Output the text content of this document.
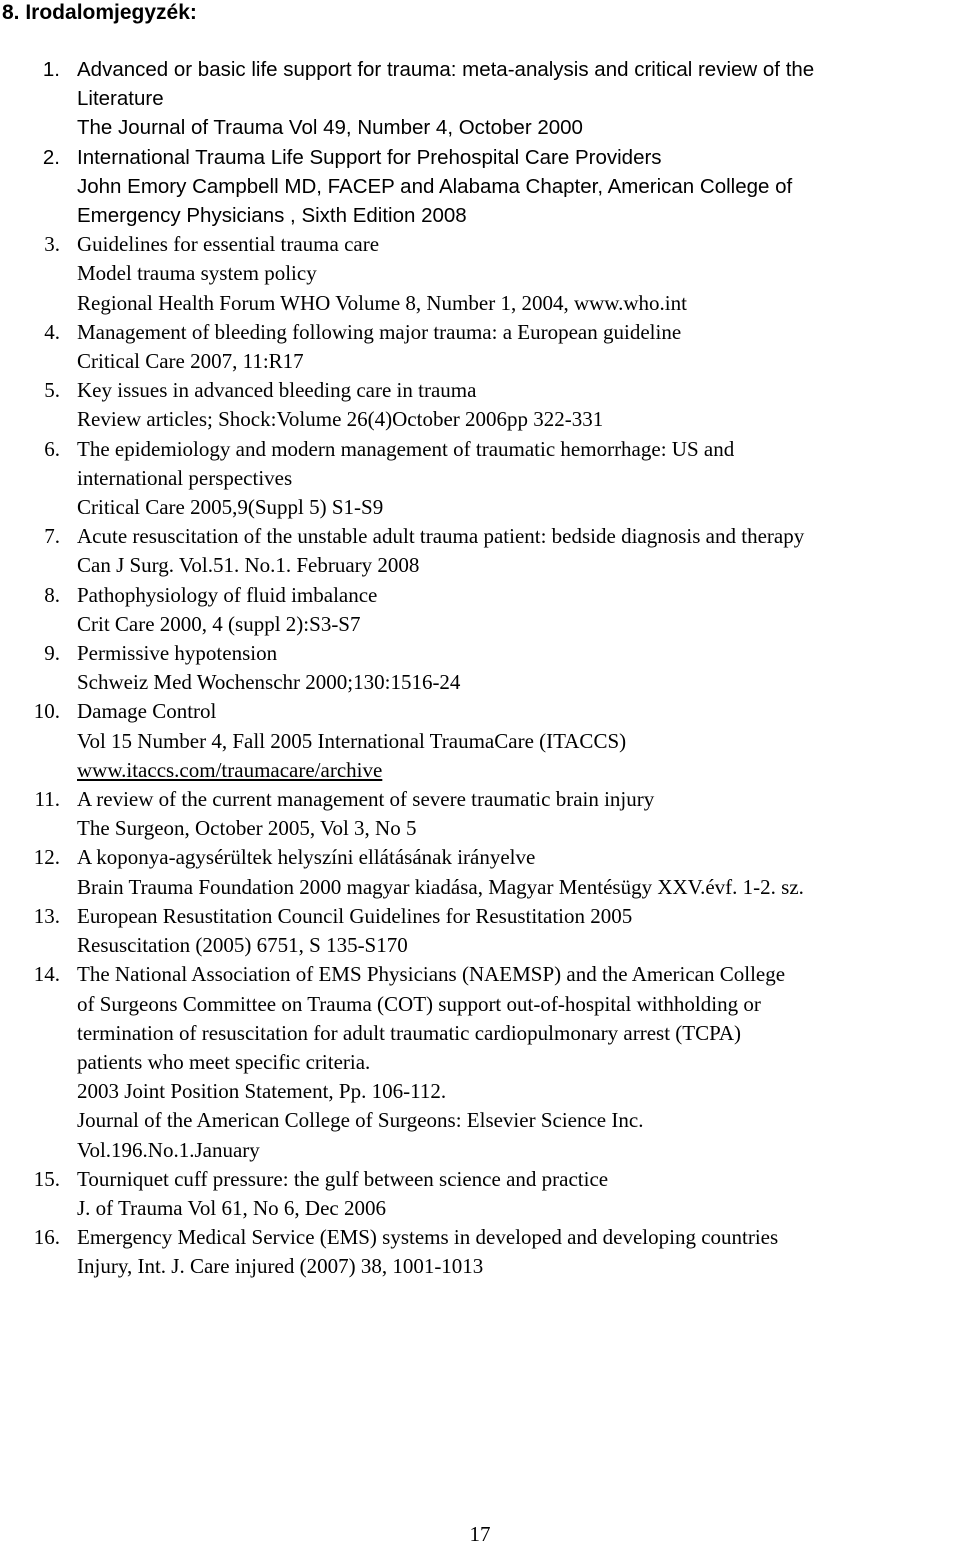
8. Irodalomjegyzék:
1. Advanced or basic life support for trauma: meta-analysis and critical review of the
Literature
The Journal of Trauma Vol 49, Number 4, October 2000
2. International Trauma Life Support for Prehospital Care Providers
John Emory Campbell MD, FACEP and Alabama Chapter, American College of
Emergency Physicians , Sixth Edition 2008
3. Guidelines for essential trauma care
Model trauma system policy
Regional Health Forum WHO Volume 8, Number 1, 2004, www.who.int
4. Management of bleeding following major trauma: a European guideline
Critical Care 2007, 11:R17
5. Key issues in advanced bleeding care in trauma
Review articles; Shock:Volume 26(4)October 2006pp 322-331
6. The epidemiology and modern management of traumatic hemorrhage: US and
international perspectives
Critical Care 2005,9(Suppl 5) S1-S9
7. Acute resuscitation of the unstable adult trauma patient: bedside diagnosis and therapy
Can J Surg. Vol.51. No.1. February 2008
8. Pathophysiology of fluid imbalance
Crit Care 2000, 4 (suppl 2):S3-S7
9. Permissive hypotension
Schweiz Med Wochenschr 2000;130:1516-24
10. Damage Control
Vol 15 Number 4, Fall 2005 International TraumaCare (ITACCS)
www.itaccs.com/traumacare/archive
11. A review of the current management of severe traumatic brain injury
The Surgeon, October 2005, Vol 3, No 5
12. A koponya-agysérültek helyszíni ellátásának irányelve
Brain Trauma Foundation 2000 magyar kiadása, Magyar Mentésügy XXV.évf. 1-2. sz.
13. European Resustitation Council Guidelines for Resustitation 2005
Resuscitation (2005) 6751, S 135-S170
14. The National Association of EMS Physicians (NAEMSP) and the American College
of Surgeons Committee on Trauma (COT) support out-of-hospital withholding or
termination of resuscitation for adult traumatic cardiopulmonary arrest (TCPA)
patients who meet specific criteria.
2003 Joint Position Statement, Pp. 106-112.
Journal of the American College of Surgeons: Elsevier Science Inc.
Vol.196.No.1.January
15. Tourniquet cuff pressure: the gulf between science and practice
J. of Trauma Vol 61, No 6, Dec 2006
16. Emergency Medical Service (EMS) systems in developed and developing countries
Injury, Int. J. Care injured (2007) 38, 1001-1013
17
